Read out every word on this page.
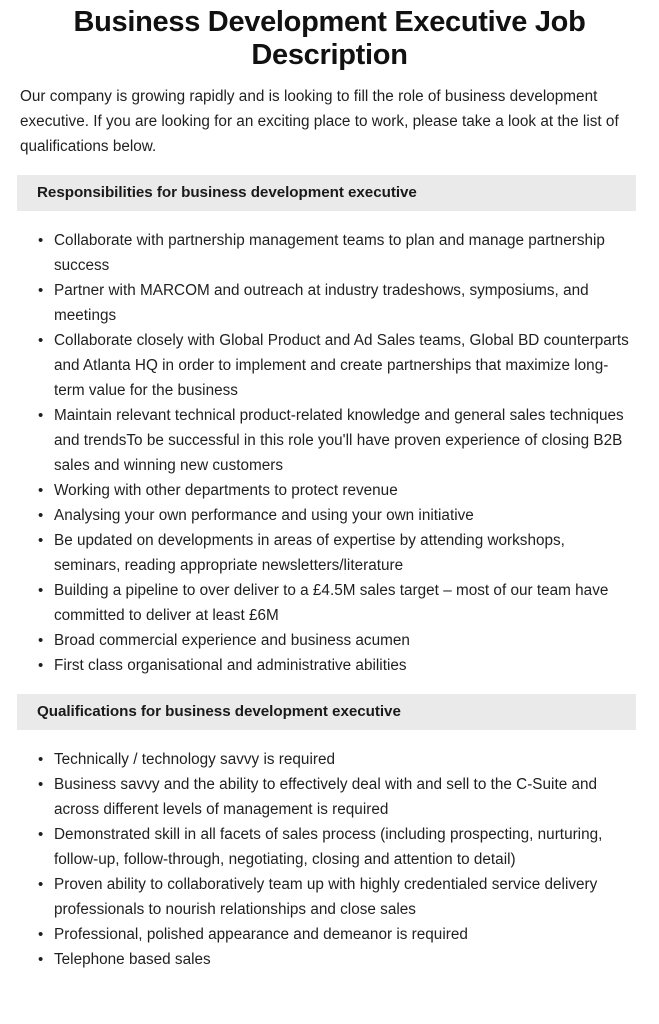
Business Development Executive Job Description

Our company is growing rapidly and is looking to fill the role of business development executive. If you are looking for an exciting place to work, please take a look at the list of qualifications below.

Responsibilities for business development executive
• Collaborate with partnership management teams to plan and manage partnership success
• Partner with MARCOM and outreach at industry tradeshows, symposiums, and meetings
• Collaborate closely with Global Product and Ad Sales teams, Global BD counterparts and Atlanta HQ in order to implement and create partnerships that maximize long-term value for the business
• Maintain relevant technical product-related knowledge and general sales techniques and trendsTo be successful in this role you'll have proven experience of closing B2B sales and winning new customers
• Working with other departments to protect revenue
• Analysing your own performance and using your own initiative
• Be updated on developments in areas of expertise by attending workshops, seminars, reading appropriate newsletters/literature
• Building a pipeline to over deliver to a £4.5M sales target – most of our team have committed to deliver at least £6M
• Broad commercial experience and business acumen
• First class organisational and administrative abilities
Qualifications for business development executive
• Technically / technology savvy is required
• Business savvy and the ability to effectively deal with and sell to the C-Suite and across different levels of management is required
• Demonstrated skill in all facets of sales process (including prospecting, nurturing, follow-up, follow-through, negotiating, closing and attention to detail)
• Proven ability to collaboratively team up with highly credentialed service delivery professionals to nourish relationships and close sales
• Professional, polished appearance and demeanor is required
• Telephone based sales
